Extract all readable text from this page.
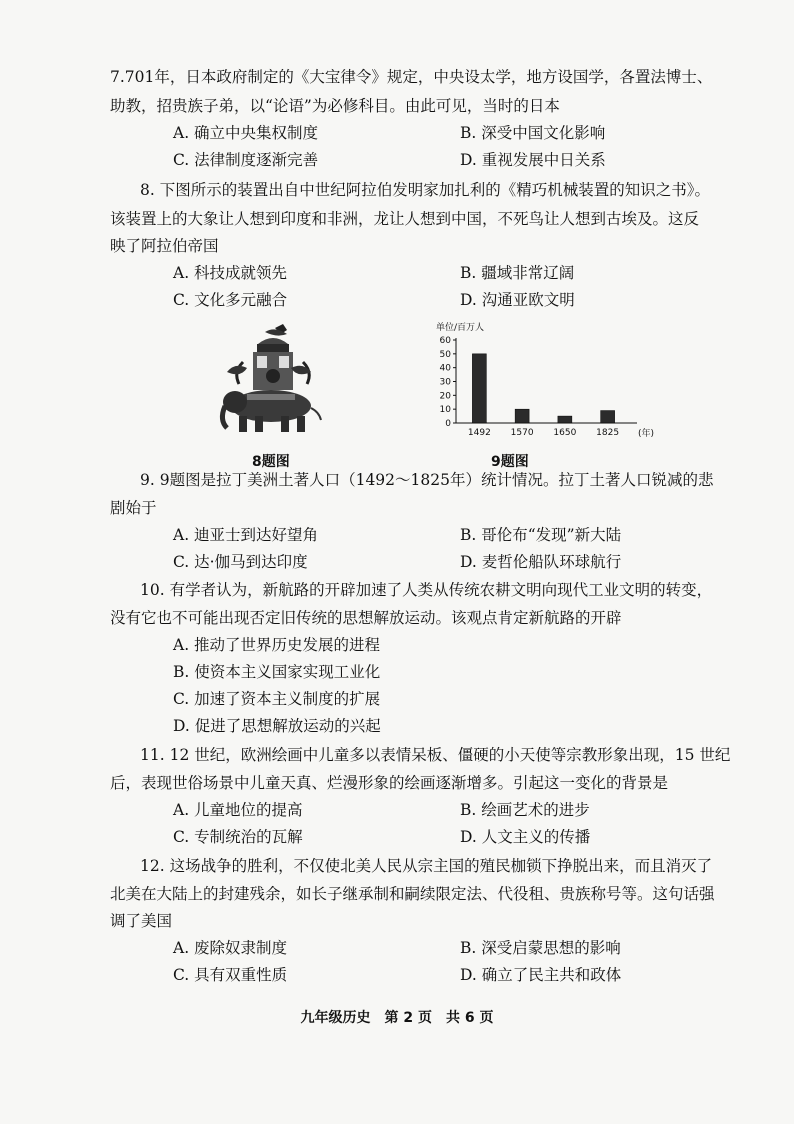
7.701年，日本政府制定的《大宝律令》规定，中央设太学，地方设国学，各置法博士、
助教，招贵族子弟，以“论语”为必修科目。由此可见，当时的日本
A. 确立中央集权制度	B. 深受中国文化影响
C. 法律制度逐渐完善	D. 重视发展中日关系
8. 下图所示的装置出自中世纪阿拉伯发明家加扎利的《精巧机械装置的知识之书》。
该装置上的大象让人想到印度和非洲，龙让人想到中国，不死鸟让人想到古埃及。这反
映了阿拉伯帝国
A. 科技成就领先	B. 疆域非常辽阔
C. 文化多元融合	D. 沟通亚欧文明
8题图
单位/百万人
0
10
20
30
40
50
60
1492 1570 1650 1825 (年)
9题图
9. 9题图是拉丁美洲土著人口（1492～1825年）统计情况。拉丁土著人口锐减的悲
剧始于
A. 迪亚士到达好望角	B. 哥伦布“发现”新大陆
C. 达·伽马到达印度	D. 麦哲伦船队环球航行
10. 有学者认为，新航路的开辟加速了人类从传统农耕文明向现代工业文明的转变，
没有它也不可能出现否定旧传统的思想解放运动。该观点肯定新航路的开辟
A. 推动了世界历史发展的进程
B. 使资本主义国家实现工业化
C. 加速了资本主义制度的扩展
D. 促进了思想解放运动的兴起
11. 12 世纪，欧洲绘画中儿童多以表情呆板、僵硬的小天使等宗教形象出现，15 世纪
后，表现世俗场景中儿童天真、烂漫形象的绘画逐渐增多。引起这一变化的背景是
A. 儿童地位的提高	B. 绘画艺术的进步
C. 专制统治的瓦解	D. 人文主义的传播
12. 这场战争的胜利，不仅使北美人民从宗主国的殖民枷锁下挣脱出来，而且消灭了
北美在大陆上的封建残余，如长子继承制和嗣续限定法、代役租、贵族称号等。这句话强
调了美国
A. 废除奴隶制度	B. 深受启蒙思想的影响
C. 具有双重性质	D. 确立了民主共和政体
九年级历史　第 2 页　共 6 页
